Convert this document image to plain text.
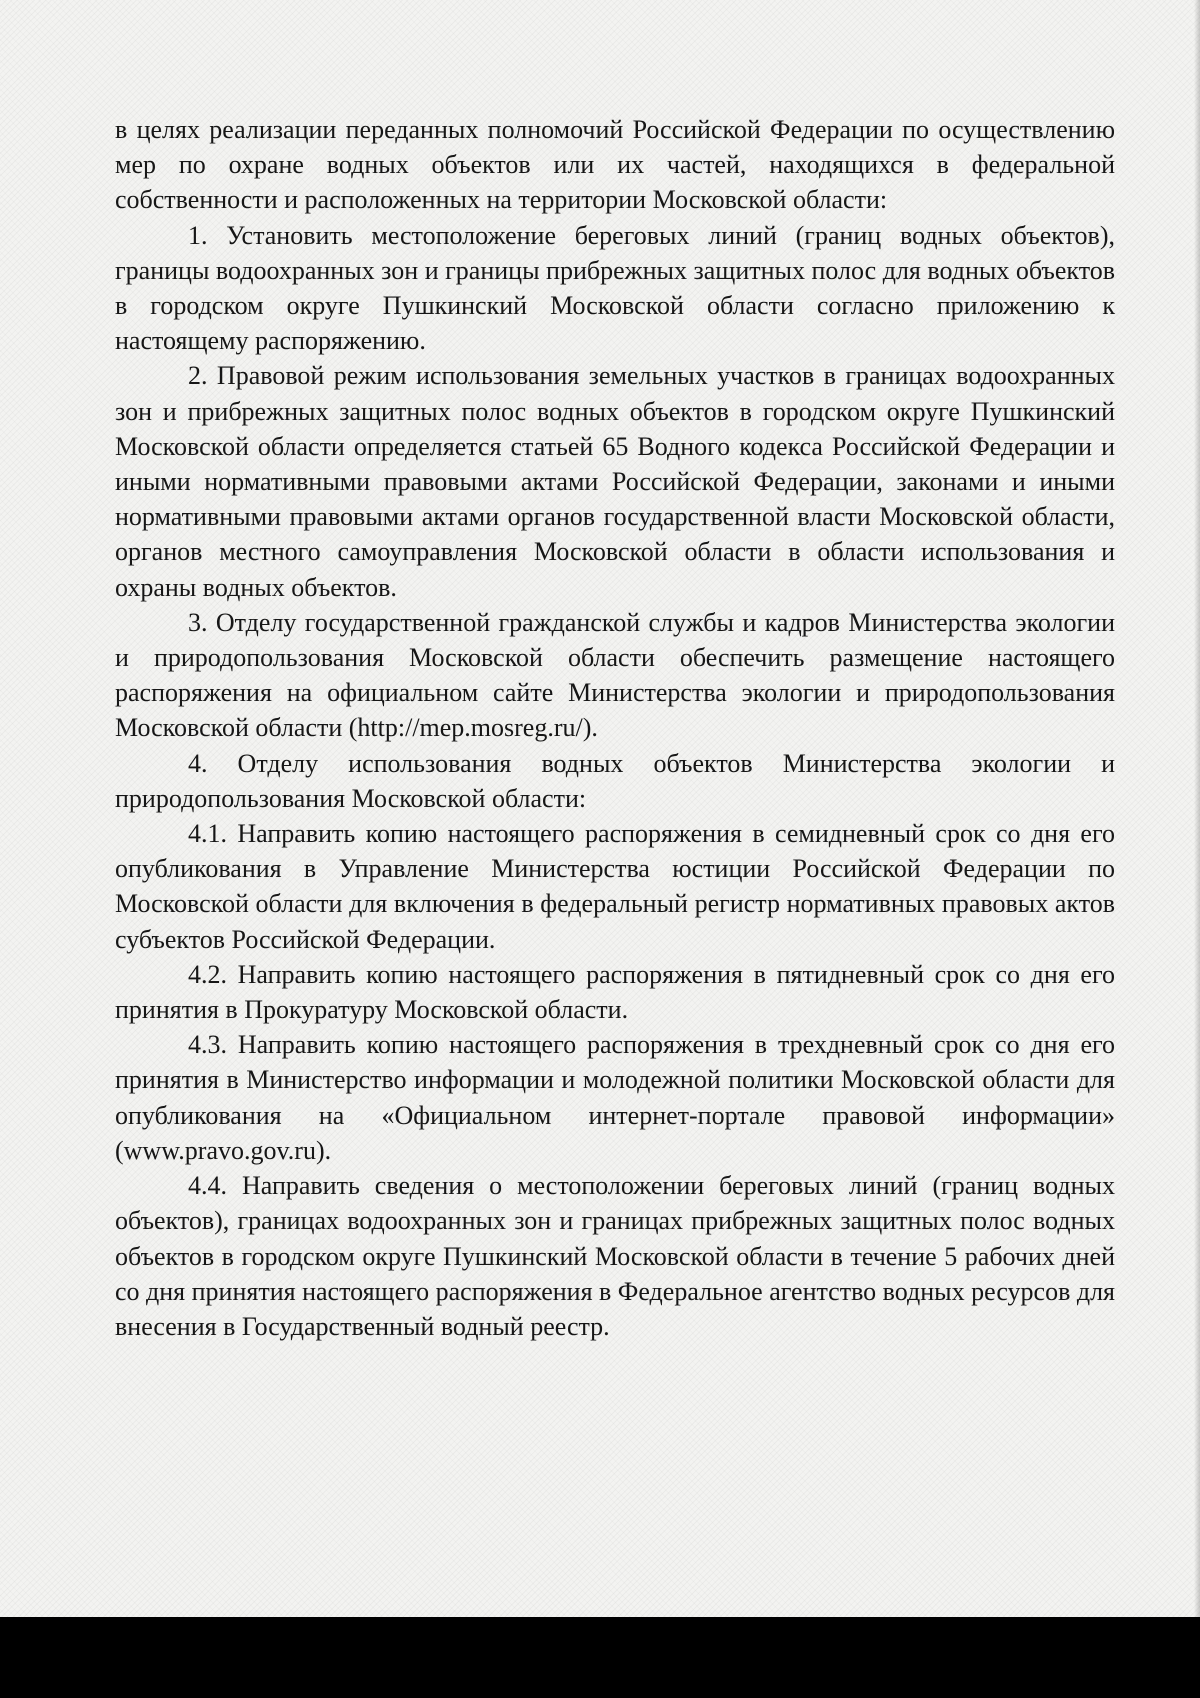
в целях реализации переданных полномочий Российской Федерации по осуществлению мер по охране водных объектов или их частей, находящихся в федеральной собственности и расположенных на территории Московской области:

1. Установить местоположение береговых линий (границ водных объектов), границы водоохранных зон и границы прибрежных защитных полос для водных объектов в городском округе Пушкинский Московской области согласно приложению к настоящему распоряжению.

2. Правовой режим использования земельных участков в границах водоохранных зон и прибрежных защитных полос водных объектов в городском округе Пушкинский Московской области определяется статьей 65 Водного кодекса Российской Федерации и иными нормативными правовыми актами Российской Федерации, законами и иными нормативными правовыми актами органов государственной власти Московской области, органов местного самоуправления Московской области в области использования и охраны водных объектов.

3. Отделу государственной гражданской службы и кадров Министерства экологии и природопользования Московской области обеспечить размещение настоящего распоряжения на официальном сайте Министерства экологии и природопользования Московской области (http://mep.mosreg.ru/).

4. Отделу использования водных объектов Министерства экологии и природопользования Московской области:

4.1. Направить копию настоящего распоряжения в семидневный срок со дня его опубликования в Управление Министерства юстиции Российской Федерации по Московской области для включения в федеральный регистр нормативных правовых актов субъектов Российской Федерации.

4.2. Направить копию настоящего распоряжения в пятидневный срок со дня его принятия в Прокуратуру Московской области.

4.3. Направить копию настоящего распоряжения в трехдневный срок со дня его принятия в Министерство информации и молодежной политики Московской области для опубликования на «Официальном интернет-портале правовой информации» (www.pravo.gov.ru).

4.4. Направить сведения о местоположении береговых линий (границ водных объектов), границах водоохранных зон и границах прибрежных защитных полос водных объектов в городском округе Пушкинский Московской области в течение 5 рабочих дней со дня принятия настоящего распоряжения в Федеральное агентство водных ресурсов для внесения в Государственный водный реестр.
